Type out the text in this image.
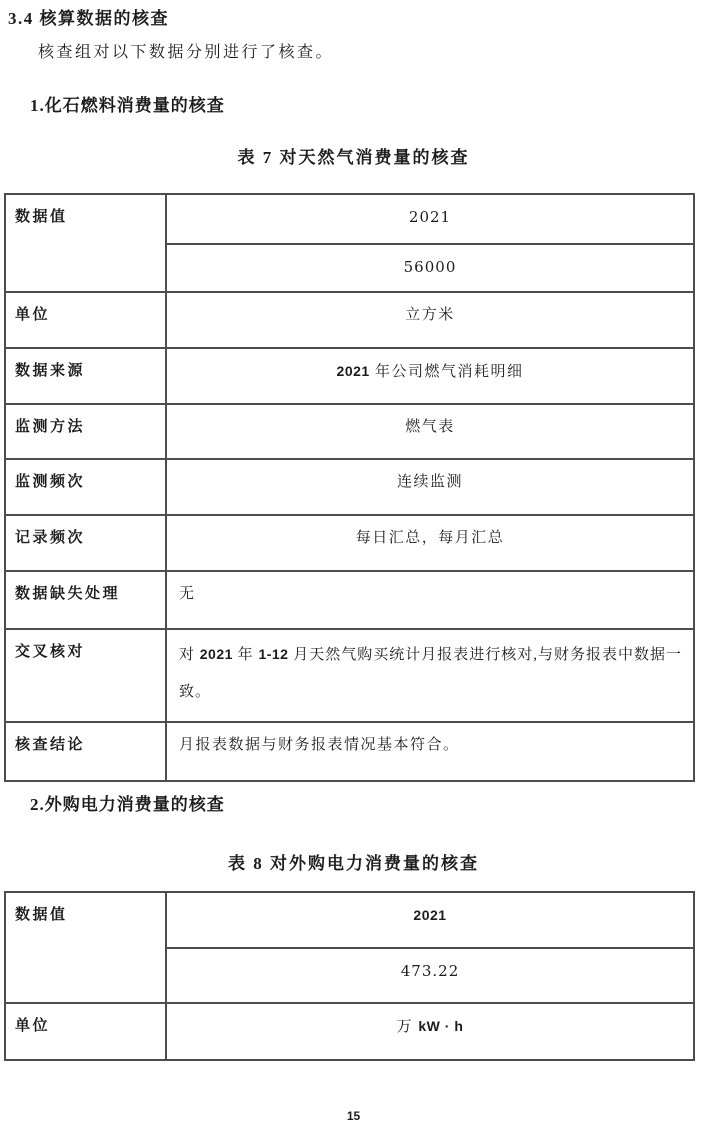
3.4 核算数据的核查
核查组对以下数据分别进行了核查。
1.化石燃料消费量的核查
表 7 对天然气消费量的核查
数据值	2021
	56000
单位	立方米
数据来源	2021 年公司燃气消耗明细
监测方法	燃气表
监测频次	连续监测
记录频次	每日汇总，每月汇总
数据缺失处理	无
交叉核对	对 2021 年 1-12 月天然气购买统计月报表进行核对,与财务报表中数据一致。
核查结论	月报表数据与财务报表情况基本符合。
2.外购电力消费量的核查
表 8 对外购电力消费量的核查
数据值	2021
	473.22
单位	万 kW · h
15
